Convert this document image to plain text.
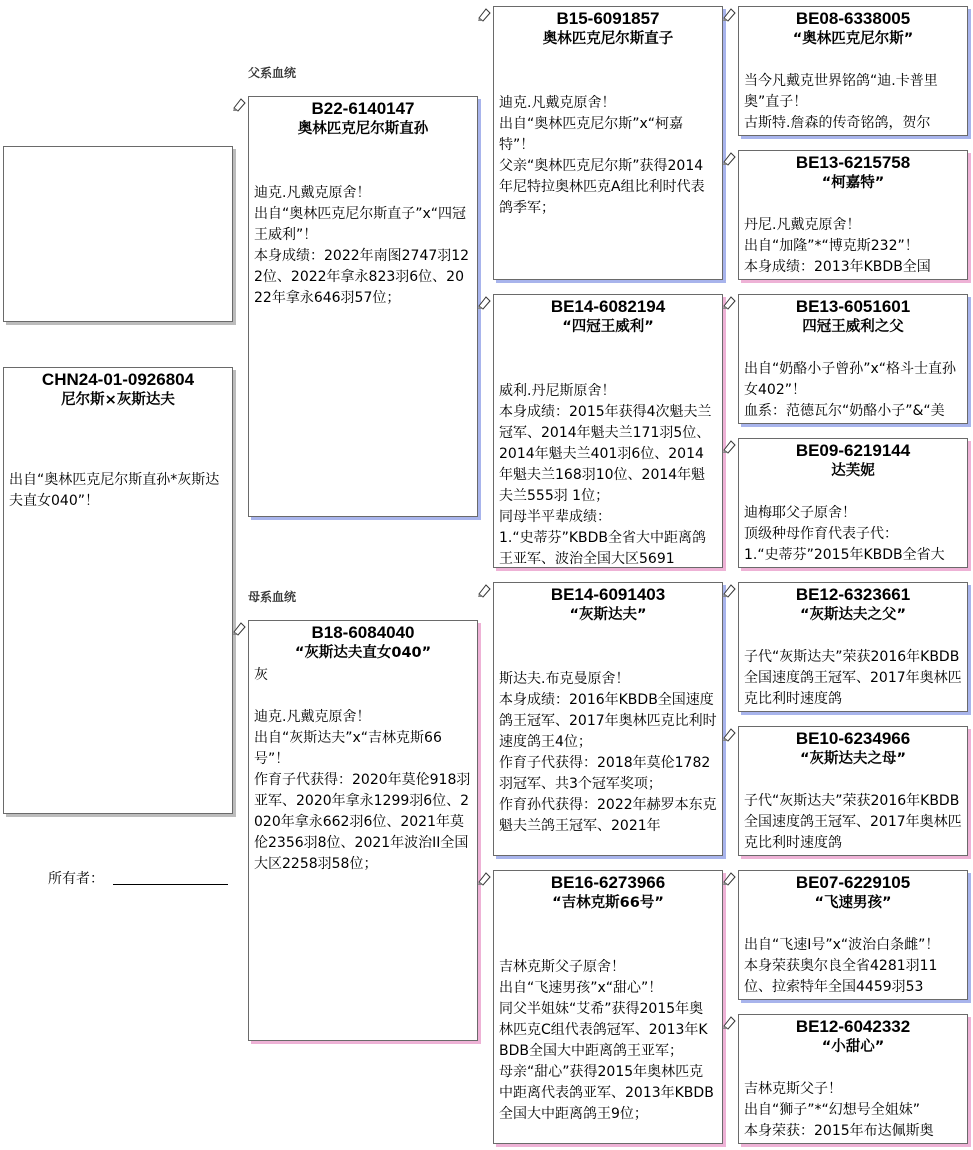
父系血统
母系血统
CHN24-01-0926804
尼尔斯×灰斯达夫
出自“奥林匹克尼尔斯直孙*灰斯达夫直女040”！
所有者：
B22-6140147
奥林匹克尼尔斯直孙
迪克.凡戴克原舍！
出自“奥林匹克尼尔斯直子”x“四冠王威利”！
本身成绩：2022年南图2747羽122位、2022年拿永823羽6位、2022年拿永646羽57位；
B18-6084040
“灰斯达夫直女040”
灰

迪克.凡戴克原舍！
出自“灰斯达夫”x“吉林克斯66号”！
作育子代获得：2020年莫伦918羽亚军、2020年拿永1299羽6位、2020年拿永662羽6位、2021年莫伦2356羽8位、2021年波治II全国大区2258羽58位；
B15-6091857
奥林匹克尼尔斯直子
迪克.凡戴克原舍！
出自“奥林匹克尼尔斯”x“柯嘉特”！
父亲“奥林匹克尼尔斯”获得2014年尼特拉奥林匹克A组比利时代表鸽季军；
BE14-6082194
“四冠王威利”
威利.丹尼斯原舍！
本身成绩：2015年获得4次魁夫兰冠军、2014年魁夫兰171羽5位、2014年魁夫兰401羽6位、2014年魁夫兰168羽10位、2014年魁夫兰555羽 1位；
同母半平辈成绩：
1.“史蒂芬”KBDB全省大中距离鸽王亚军、波治全国大区5691
BE14-6091403
“灰斯达夫”
斯达夫.布克曼原舍！
本身成绩：2016年KBDB全国速度鸽王冠军、2017年奥林匹克比利时速度鸽王4位；
作育子代获得：2018年莫伦1782羽冠军、共3个冠军奖项；
作育孙代获得：2022年赫罗本东克魁夫兰鸽王冠军、2021年
BE16-6273966
“吉林克斯66号”
吉林克斯父子原舍！
出自“飞速男孩”x“甜心”！
同父半姐妹“艾希”获得2015年奥林匹克C组代表鸽冠军、2013年KBDB全国大中距离鸽王亚军；
母亲“甜心”获得2015年奥林匹克中距离代表鸽亚军、2013年KBDB全国大中距离鸽王9位；
BE08-6338005
“奥林匹克尼尔斯”
当今凡戴克世界铭鸽“迪.卡普里奥”直子！
古斯特.詹森的传奇铭鸽，贺尔
BE13-6215758
“柯嘉特”
丹尼.凡戴克原舍！
出自“加隆”*“博克斯232”！
本身成绩：2013年KBDB全国
BE13-6051601
四冠王威利之父
出自“奶酪小子曾孙”x“格斗士直孙女402”！
血系：范德瓦尔“奶酪小子”&“美
BE09-6219144
达芙妮
迪梅耶父子原舍！
顶级种母作育代表子代：
1.“史蒂芬”2015年KBDB全省大
BE12-6323661
“灰斯达夫之父”
子代“灰斯达夫”荣获2016年KBDB全国速度鸽王冠军、2017年奥林匹克比利时速度鸽
BE10-6234966
“灰斯达夫之母”
子代“灰斯达夫”荣获2016年KBDB全国速度鸽王冠军、2017年奥林匹克比利时速度鸽
BE07-6229105
“飞速男孩”
出自“飞速I号”x“波治白条雌”！
本身荣获奥尔良全省4281羽11位、拉索特年全国4459羽53
BE12-6042332
“小甜心”
吉林克斯父子！
出自“狮子”*“幻想号全姐妹”
本身荣获：2015年布达佩斯奥
